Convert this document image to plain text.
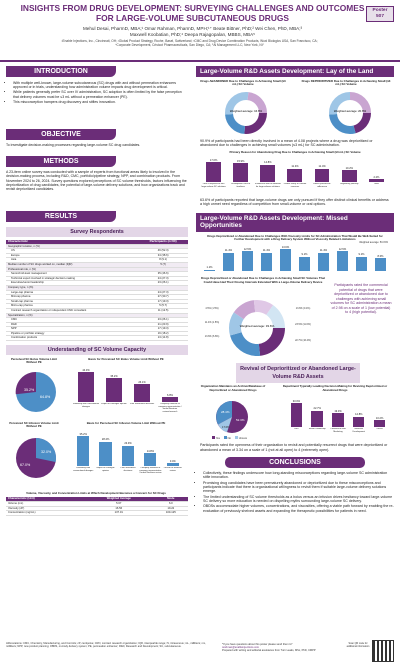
INSIGHTS FROM DRUG DEVELOPMENT: SURVEYING CHALLENGES AND OUTCOMES FOR LARGE-VOLUME SUBCUTANEOUS DRUGS
Mehul Desai, PharmD, MBA;¹ Omar Rahman, PharmD, MPH;¹⁺ Beate Bittner, PhD;² Wei Chen, PhD, MBA;³
Maxwell Koobatian, PhD;⁴ Deepa Rajagopalan, MBBS, MBA⁵
¹Enable Injections, Inc., Cincinnati, OH; ²Global Product Strategy, Roche, Basel, Switzerland; ³CMC and Drug Device Combination Products, Wuxi Biologics USA, San Francisco, CA;
⁴Corporate Development, Cristcot Pharmaceuticals, San Diego, CA; ⁵Al Management LLC, New York, NY
Poster
507
INTRODUCTION
• With multiple well-known, large-volume subcutaneous (SC) drugs with and without permeation enhancers approved or in trials, understanding how administration volume impacts drug development is critical.
• While patients generally prefer SC over IV administration, SC adoption is often limited by the false perception that delivery volumes must be ≤3 mL without a permeation enhancer (PE).
• This misconception hampers drug discovery and stifles innovation.
OBJECTIVE
To investigate decision-making processes regarding large-volume SC drug candidates.
METHODS
A 23-item online survey was conducted with a sample of experts from functional areas likely to involved in the decision-making process, including R&D, CMC, portfolio/pipeline strategy, NPP, and combination products. From November 2024 to 26, 2024. Survey questions explored perceptions of SC volume thresholds, factors influencing the deprioritization of drug candidates, the potential of large-volume delivery solutions, and how organizations track and revisit deprioritized candidates.
RESULTS
Survey Respondents
Characteristic	Participants (n=60)
Geographic location, n (%)	
US	46 (52.3)
Europe	34 (38.6)
Asia	8 (9.1)
Median number of SC drugs worked on, median (IQR)	5 (7)
Professional role, n (%)	
Senior/mid-level management	35 (46.6)
Technical expert involved in strategic decision-making	24 (27.3)
Executive/senior leadership	23 (26.1)
Company type, n (%)	
Large-cap pharma	24 (27.3)
Mid-cap pharma	27 (30.7)
Small-cap pharma	17 (19.3)
Micro-cap pharma	5 (5.7)
Contract research organization or independent CMC consultant	11 (12.5)
Specialization, n (%)	
CMC	23 (26.1)
R&D	21 (23.9)
NPP	17 (19.3)
Pipeline or portfolio strategy	16 (18.2)
Combination products	13 (14.8)
Understanding of SC Volume Capacity
Perceived SC Bolus Volume Limit Without PE
35.2%
64.8%
Basis for Perceived SC Bolus Volume Limit Without PE
44.3%
Familiarity with conventional dosages
35.2%
Expert or colleague opinion
26.1%
Prior investment decisions
6.8%
Company rationale or company representative / formal literature review/research
Perceived SC Infusion Volume Limit Without PE
32.0%
67.0%
Basis for Perceived SC Infusion Volume Limit Without PE
35.2%
Familiarity with conventional dosages
28.4%
Expert or colleague opinion
23.9%
Prior investment decisions
14.8%
Company rationale or company representative / formal literature review
3.4%
Lecture or literature review
Volume, Viscosity, and Concentration Limits at Which Development Becomes a Concern for SC Drugs
Characteristic (Unit)	Weighted Average	Mode
Volume (mL)	5.67	6.0
Viscosity (cP)	16.56	19.22
Concentration (mg/mL)	137.01	100-125
Large-Volume R&D Assets Development: Lay of the Land
Drugs ABANDONED Due to Challenges in Achieving Small (≤3 mL) SC Volume
Weighted average: 16.8%
Drugs DEPRIORITIZED Due to Challenges in Achieving Small (≤3 mL) SC Volume
Weighted average: 20.8%
90.9% of participants had been directly involved in a mean of 4.08 projects where a drug was deprioritized or abandoned due to challenges in achieving small volumes (≤3 mL) for SC administration.
Primary Reason for Abandoning Drug Due to Challenges in Achieving Small (≤3 mL) SC Volume
17.0%
Lack of experience with large-volume SC solutions
15.9%
Development cost or timelines
14.8%
Insufficient data on demand for large-volume solutions
11.4%
Patient safety or comfort concerns
11.4%
Patient preference / adherence
10.2%
Regulatory pathway
2.2%
Other
63.6% of participants reported that large-volume drugs are only pursued if they offer distinct clinical benefits or address a high unmet need regardless of competition from small-volume or oral options.
Large-Volume R&D Assets Development: Missed Opportunities
Drugs Deprioritized or Abandoned Due to Challenges With Viscosity Limits for SC Administration That Would Be Well-Suited for Further Development with a Drug Delivery System Without Viscosity Related Limitations
Weighted average: 50.15%
1.1%
11.4%
12.5%
11.4%
13.6%
9.1%
11.4%
12.5%
9.1%
8.0%
Drugs Deprioritized or Abandoned Due to Challenges in Achieving Small SC Volumes That Could Have Had Their Dosing Intervals Extended With a Large-Volume Delivery Device
Weighted average: 33.6%
4.5% (1.5%)
11.4% (1.5%)
13.6% (6.6%)
13.6% (0.1%)
23.5% (11.6%)
22.7% (16.4%)
Participants rated the commercial potential of drugs that were deprioritized or abandoned due to challenges with achieving small volumes for SC administration a mean of 2.98 on a scale of 1 (low potential) to 4 (high potential).
Revival of Deprioritized or Abandoned Large-Volume R&D Assets
Organization Maintains an Archive/Database of Deprioritized or Abandoned Drugs
52.3%
28.4%
17.0%
Yes	No	Unsure
Department Typically Leading Decision-Making for Reviving Deprioritized or Abandoned Drugs
33.0%
R&D
22.7%
Senior Leadership
19.3%
Commercial and Marketing
14.8%
Business Development
10.2%
Others
Participants rated the openness of their organization to revisit and potentially resurrect drugs that were deprioritized or abandoned a mean of 3.34 on a scale of 1 (not at all open) to 4 (extremely open).
CONCLUSIONS
• Collectively, these findings underscore how long-standing misconceptions regarding large-volume SC administration stifle innovation.
• Promising drug candidates have been prematurely abandoned or deprioritized due to these misconceptions and participants indicate that there is organizational willingness to revisit them if suitable large-volume delivery solutions emerge.
• The limited understanding of SC volume thresholds as a bolus versus an infusion drives hesitancy toward large-volume SC delivery so more education is needed on dispelling myths surrounding large-volume SC delivery.
• OBDSs accommodate higher volumes, concentrations, and viscosities, offering a viable path forward by enabling the re-evaluation of previously shelved assets and expanding the therapeutic possibilities for patients in need.
Abbreviations: CMC, Chemistry, Manufacturing, and Controls; cP, centipoise; CRO, contract research organization; IQR, interquartile range; IV, intravenous; mL, milliliters; mL, milliliters; NPP, new product planning; OBDS, on-body delivery system; PE, permeation enhancer; R&D, Research and Development; SC, subcutaneous.
*If you have questions about this poster please send them to*
orahman@enableinjections.com
Prepared with writing and editorial assistance from Turn Leaks, MSc, PhD, CMPP
Scan QR code for additional information
